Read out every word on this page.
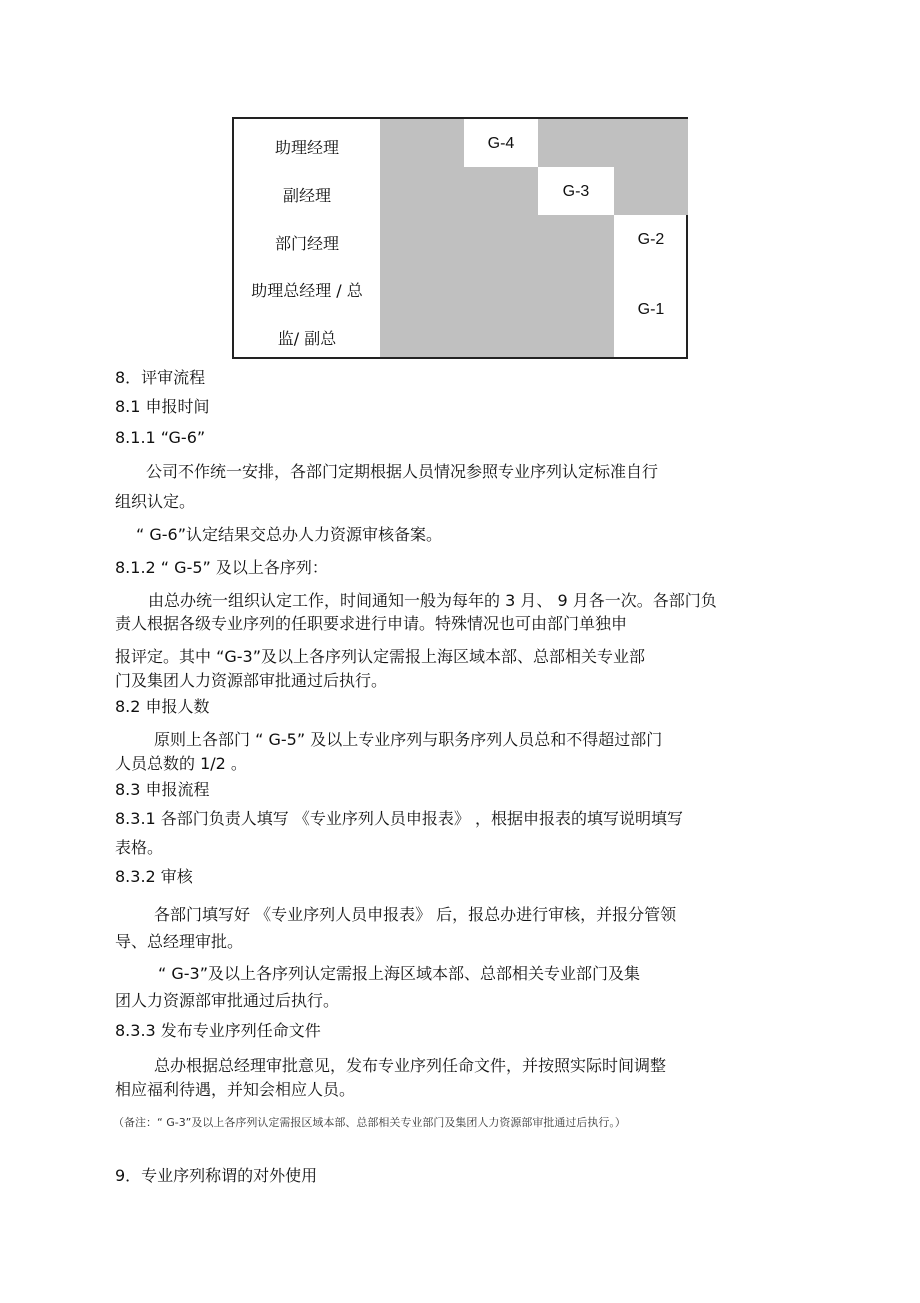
助理经理
副经理
部门经理
助理总经理 / 总
监/ 副总
G-4
G-3
G-2
G-1
8．评审流程
8.1 申报时间
8.1.1 “G-6”
公司不作统一安排，各部门定期根据人员情况参照专业序列认定标准自行
组织认定。
“ G-6”认定结果交总办人力资源审核备案。
8.1.2 “ G-5” 及以上各序列：
由总办统一组织认定工作，时间通知一般为每年的 3 月、 9 月各一次。各部门负
责人根据各级专业序列的任职要求进行申请。特殊情况也可由部门单独申
报评定。其中 “G-3”及以上各序列认定需报上海区域本部、总部相关专业部
门及集团人力资源部审批通过后执行。
8.2 申报人数
原则上各部门 “ G-5” 及以上专业序列与职务序列人员总和不得超过部门
人员总数的 1/2 。
8.3 申报流程
8.3.1 各部门负责人填写 《专业序列人员申报表》 ，根据申报表的填写说明填写
表格。
8.3.2 审核
各部门填写好 《专业序列人员申报表》 后，报总办进行审核，并报分管领
导、总经理审批。
“ G-3”及以上各序列认定需报上海区域本部、总部相关专业部门及集
团人力资源部审批通过后执行。
8.3.3 发布专业序列任命文件
总办根据总经理审批意见，发布专业序列任命文件，并按照实际时间调整
相应福利待遇，并知会相应人员。
（备注：“ G-3”及以上各序列认定需报区域本部、总部相关专业部门及集团人力资源部审批通过后执行。）
9．专业序列称谓的对外使用
